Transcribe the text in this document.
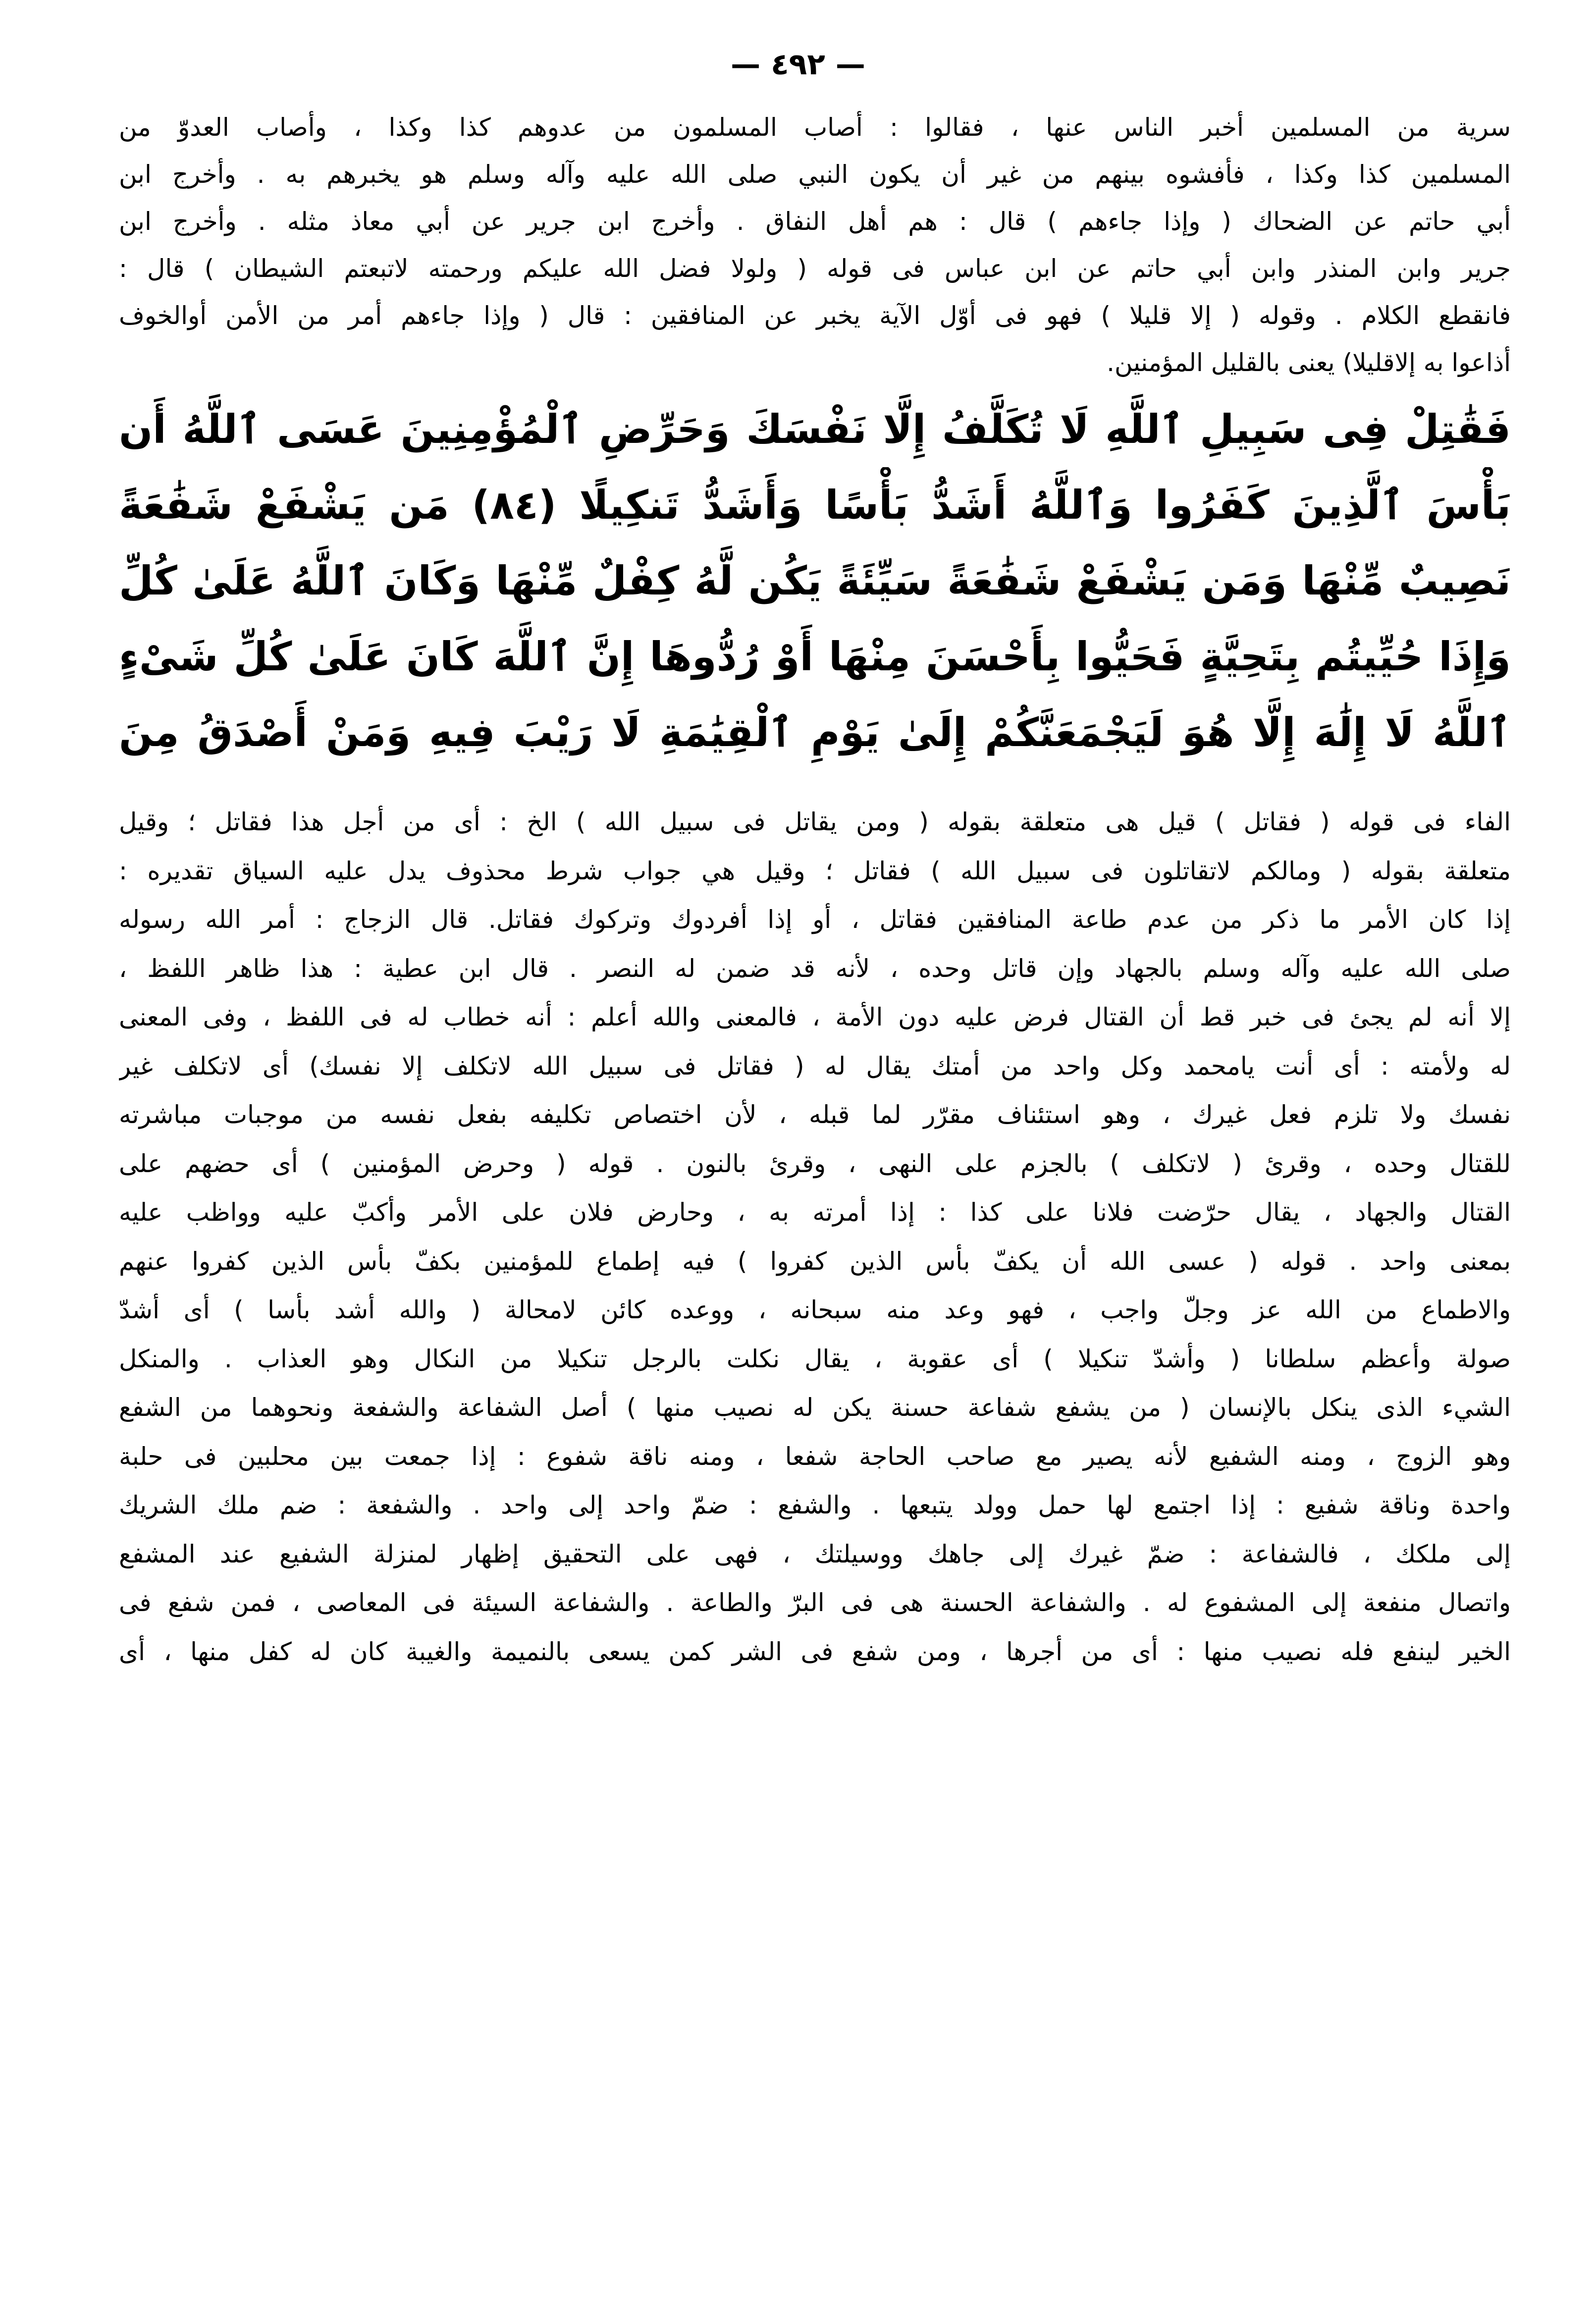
— ٤٩٢ —
سرية من المسلمين أخبر الناس عنها ، فقالوا : أصاب المسلمون من عدوهم كذا وكذا ، وأصاب العدوّ من
المسلمين كذا وكذا ، فأفشوه بينهم من غير أن يكون النبي صلى الله عليه وآله وسلم هو يخبرهم به . وأخرج ابن
أبي حاتم عن الضحاك ( وإذا جاءهم ) قال : هم أهل النفاق . وأخرج ابن جرير عن أبي معاذ مثله . وأخرج ابن
جرير وابن المنذر وابن أبي حاتم عن ابن عباس فى قوله ( ولولا فضل الله عليكم ورحمته لاتبعتم الشيطان ) قال :
فانقطع الكلام . وقوله ( إلا قليلا ) فهو فى أوّل الآية يخبر عن المنافقين : قال ( وإذا جاءهم أمر من الأمن أوالخوف
أذاعوا به إلاقليلا) يعنى بالقليل المؤمنين.
فَقَٰتِلْ فِى سَبِيلِ ٱللَّهِ لَا تُكَلَّفُ إِلَّا نَفْسَكَ وَحَرِّضِ ٱلْمُؤْمِنِينَ عَسَى ٱللَّهُ أَن
بَأْسَ ٱلَّذِينَ كَفَرُوا وَٱللَّهُ أَشَدُّ بَأْسًا وَأَشَدُّ تَنكِيلًا (٨٤) مَن يَشْفَعْ شَفَٰعَةً
نَصِيبٌ مِّنْهَا وَمَن يَشْفَعْ شَفَٰعَةً سَيِّئَةً يَكُن لَّهُ كِفْلٌ مِّنْهَا وَكَانَ ٱللَّهُ عَلَىٰ كُلِّ
وَإِذَا حُيِّيتُم بِتَحِيَّةٍ فَحَيُّوا بِأَحْسَنَ مِنْهَا أَوْ رُدُّوهَا إِنَّ ٱللَّهَ كَانَ عَلَىٰ كُلِّ شَىْءٍ
ٱللَّهُ لَا إِلَٰهَ إِلَّا هُوَ لَيَجْمَعَنَّكُمْ إِلَىٰ يَوْمِ ٱلْقِيَٰمَةِ لَا رَيْبَ فِيهِ وَمَنْ أَصْدَقُ مِنَ
الفاء فى قوله ( فقاتل ) قيل هى متعلقة بقوله ( ومن يقاتل فى سبيل الله ) الخ : أى من أجل هذا فقاتل ؛ وقيل
متعلقة بقوله ( ومالكم لاتقاتلون فى سبيل الله ) فقاتل ؛ وقيل هي جواب شرط محذوف يدل عليه السياق تقديره :
إذا كان الأمر ما ذكر من عدم طاعة المنافقين فقاتل ، أو إذا أفردوك وتركوك فقاتل. قال الزجاج : أمر الله رسوله
صلى الله عليه وآله وسلم بالجهاد وإن قاتل وحده ، لأنه قد ضمن له النصر . قال ابن عطية : هذا ظاهر اللفظ ،
إلا أنه لم يجئ فى خبر قط أن القتال فرض عليه دون الأمة ، فالمعنى والله أعلم : أنه خطاب له فى اللفظ ، وفى المعنى
له ولأمته : أى أنت يامحمد وكل واحد من أمتك يقال له ( فقاتل فى سبيل الله لاتكلف إلا نفسك) أى لاتكلف غير
نفسك ولا تلزم فعل غيرك ، وهو استئناف مقرّر لما قبله ، لأن اختصاص تكليفه بفعل نفسه من موجبات مباشرته
للقتال وحده ، وقرئ ( لاتكلف ) بالجزم على النهى ، وقرئ بالنون . قوله ( وحرض المؤمنين ) أى حضهم على
القتال والجهاد ، يقال حرّضت فلانا على كذا : إذا أمرته به ، وحارض فلان على الأمر وأكبّ عليه وواظب عليه
بمعنى واحد . قوله ( عسى الله أن يكفّ بأس الذين كفروا ) فيه إطماع للمؤمنين بكفّ بأس الذين كفروا عنهم
والاطماع من الله عز وجلّ واجب ، فهو وعد منه سبحانه ، ووعده كائن لامحالة ( والله أشد بأسا ) أى أشدّ
صولة وأعظم سلطانا ( وأشدّ تنكيلا ) أى عقوبة ، يقال نكلت بالرجل تنكيلا من النكال وهو العذاب . والمنكل
الشيء الذى ينكل بالإنسان ( من يشفع شفاعة حسنة يكن له نصيب منها ) أصل الشفاعة والشفعة ونحوهما من الشفع
وهو الزوج ، ومنه الشفيع لأنه يصير مع صاحب الحاجة شفعا ، ومنه ناقة شفوع : إذا جمعت بين محلبين فى حلبة
واحدة وناقة شفيع : إذا اجتمع لها حمل وولد يتبعها . والشفع : ضمّ واحد إلى واحد . والشفعة : ضم ملك الشريك
إلى ملكك ، فالشفاعة : ضمّ غيرك إلى جاهك ووسيلتك ، فهى على التحقيق إظهار لمنزلة الشفيع عند المشفع
واتصال منفعة إلى المشفوع له . والشفاعة الحسنة هى فى البرّ والطاعة . والشفاعة السيئة فى المعاصى ، فمن شفع فى
الخير لينفع فله نصيب منها : أى من أجرها ، ومن شفع فى الشر كمن يسعى بالنميمة والغيبة كان له كفل منها ، أى
